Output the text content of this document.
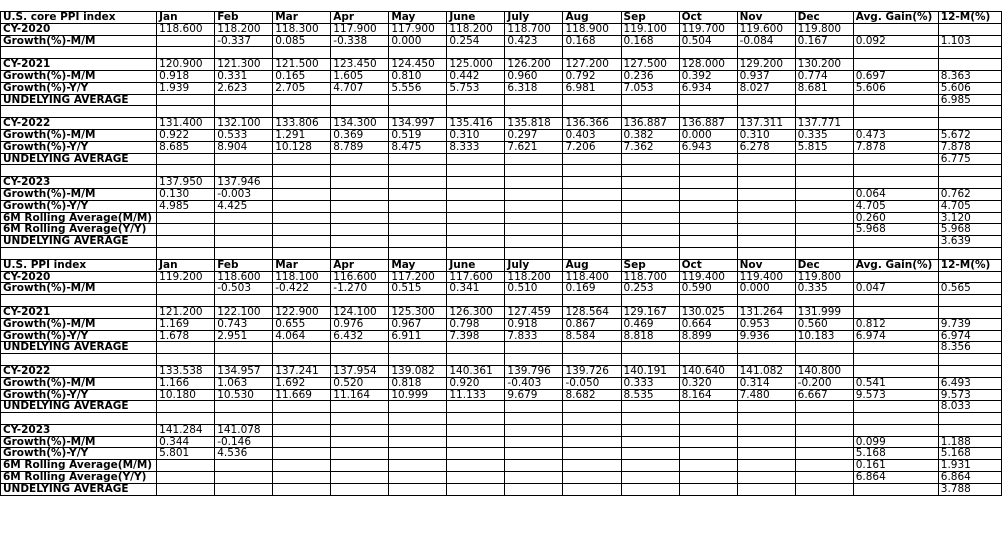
U.S. core PPI index	Jan	Feb	Mar	Apr	May	June	July	Aug	Sep	Oct	Nov	Dec	Avg. Gain(%)	12-M(%)
CY-2020	118.600	118.200	118.300	117.900	117.900	118.200	118.700	118.900	119.100	119.700	119.600	119.800		
Growth(%)-M/M		-0.337	0.085	-0.338	0.000	0.254	0.423	0.168	0.168	0.504	-0.084	0.167	0.092	1.103

CY-2021	120.900	121.300	121.500	123.450	124.450	125.000	126.200	127.200	127.500	128.000	129.200	130.200		
Growth(%)-M/M	0.918	0.331	0.165	1.605	0.810	0.442	0.960	0.792	0.236	0.392	0.937	0.774	0.697	8.363
Growth(%)-Y/Y	1.939	2.623	2.705	4.707	5.556	5.753	6.318	6.981	7.053	6.934	8.027	8.681	5.606	5.606
UNDELYING AVERAGE														6.985

CY-2022	131.400	132.100	133.806	134.300	134.997	135.416	135.818	136.366	136.887	136.887	137.311	137.771		
Growth(%)-M/M	0.922	0.533	1.291	0.369	0.519	0.310	0.297	0.403	0.382	0.000	0.310	0.335	0.473	5.672
Growth(%)-Y/Y	8.685	8.904	10.128	8.789	8.475	8.333	7.621	7.206	7.362	6.943	6.278	5.815	7.878	7.878
UNDELYING AVERAGE														6.775

CY-2023	137.950	137.946												
Growth(%)-M/M	0.130	-0.003											0.064	0.762
Growth(%)-Y/Y	4.985	4.425											4.705	4.705
6M Rolling Average(M/M)													0.260	3.120
6M Rolling Average(Y/Y)													5.968	5.968
UNDELYING AVERAGE														3.639

U.S. PPI index	Jan	Feb	Mar	Apr	May	June	July	Aug	Sep	Oct	Nov	Dec	Avg. Gain(%)	12-M(%)
CY-2020	119.200	118.600	118.100	116.600	117.200	117.600	118.200	118.400	118.700	119.400	119.400	119.800		
Growth(%)-M/M		-0.503	-0.422	-1.270	0.515	0.341	0.510	0.169	0.253	0.590	0.000	0.335	0.047	0.565

CY-2021	121.200	122.100	122.900	124.100	125.300	126.300	127.459	128.564	129.167	130.025	131.264	131.999		
Growth(%)-M/M	1.169	0.743	0.655	0.976	0.967	0.798	0.918	0.867	0.469	0.664	0.953	0.560	0.812	9.739
Growth(%)-Y/Y	1.678	2.951	4.064	6.432	6.911	7.398	7.833	8.584	8.818	8.899	9.936	10.183	6.974	6.974
UNDELYING AVERAGE														8.356

CY-2022	133.538	134.957	137.241	137.954	139.082	140.361	139.796	139.726	140.191	140.640	141.082	140.800		
Growth(%)-M/M	1.166	1.063	1.692	0.520	0.818	0.920	-0.403	-0.050	0.333	0.320	0.314	-0.200	0.541	6.493
Growth(%)-Y/Y	10.180	10.530	11.669	11.164	10.999	11.133	9.679	8.682	8.535	8.164	7.480	6.667	9.573	9.573
UNDELYING AVERAGE														8.033

CY-2023	141.284	141.078												
Growth(%)-M/M	0.344	-0.146											0.099	1.188
Growth(%)-Y/Y	5.801	4.536											5.168	5.168
6M Rolling Average(M/M)													0.161	1.931
6M Rolling Average(Y/Y)													6.864	6.864
UNDELYING AVERAGE														3.788
